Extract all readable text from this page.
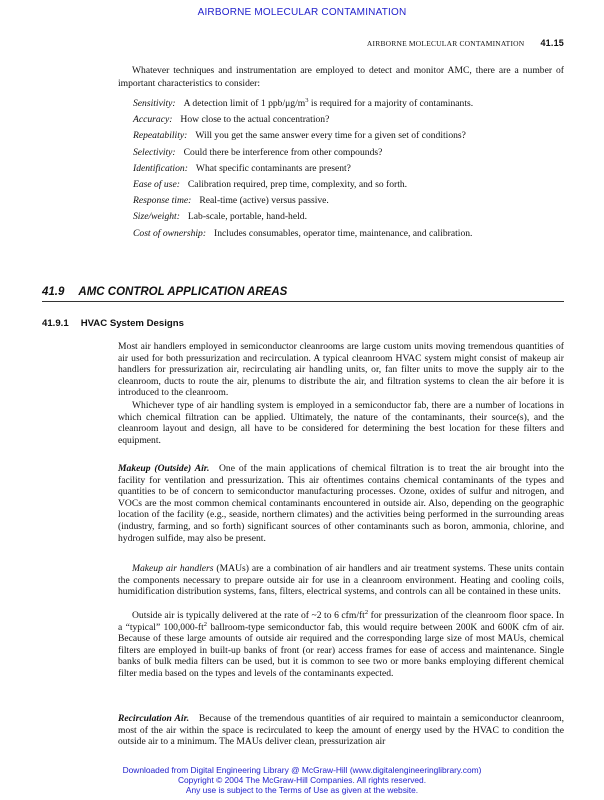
AIRBORNE MOLECULAR CONTAMINATION
AIRBORNE MOLECULAR CONTAMINATION 41.15

Whatever techniques and instrumentation are employed to detect and monitor AMC, there are a number of important characteristics to consider:

Sensitivity: A detection limit of 1 ppb/$\mu g/m^3$ is required for a majority of contaminants.
Accuracy: How close to the actual concentration?
Repeatability: Will you get the same answer every time for a given set of conditions?
Selectivity: Could there be interference from other compounds?
Identification: What specific contaminants are present?
Ease of use: Calibration required, prep time, complexity, and so forth.
Response time: Real-time (active) versus passive.
Size/weight: Lab-scale, portable, hand-held.
Cost of ownership: Includes consumables, operator time, maintenance, and calibration.
41.9 AMC CONTROL APPLICATION AREAS
41.9.1 HVAC System Designs

Most air handlers employed in semiconductor cleanrooms are large custom units moving tremendous quantities of air used for both pressurization and recirculation. A typical cleanroom HVAC system might consist of makeup air handlers for pressurization air, recirculating air handling units, or, fan filter units to move the supply air to the cleanroom, ducts to route the air, plenums to distribute the air, and filtration systems to clean the air before it is introduced to the cleanroom.

Whichever type of air handling system is employed in a semiconductor fab, there are a number of locations in which chemical filtration can be applied. Ultimately, the nature of the contaminants, their source(s), and the cleanroom layout and design, all have to be considered for determining the best location for these filters and equipment.

Makeup (Outside) Air.  One of the main applications of chemical filtration is to treat the air brought into the facility for ventilation and pressurization. This air oftentimes contains chemical contaminants of the types and quantities to be of concern to semiconductor manufacturing processes. Ozone, oxides of sulfur and nitrogen, and VOCs are the most common chemical contaminants encountered in outside air. Also, depending on the geographic location of the facility (e.g., seaside, northern climates) and the activities being performed in the surrounding areas (industry, farming, and so forth) significant sources of other contaminants such as boron, ammonia, chlorine, and hydrogen sulfide, may also be present.

Makeup air handlers (MAUs) are a combination of air handlers and air treatment systems. These units contain the components necessary to prepare outside air for use in a cleanroom environment. Heating and cooling coils, humidification distribution systems, fans, filters, electrical systems, and controls can all be contained in these units.

Outside air is typically delivered at the rate of ~2 to 6 cfm/$ft^2$ for pressurization of the cleanroom floor space. In a “typical” $100,000-ft^2$ ballroom-type semiconductor fab, this would require between 200K and 600K cfm of air. Because of these large amounts of outside air required and the corresponding large size of most MAUs, chemical filters are employed in built-up banks of front (or rear) access frames for ease of access and maintenance. Single banks of bulk media filters can be used, but it is common to see two or more banks employing different chemical filter media based on the types and levels of the contaminants expected.

Recirculation Air.  Because of the tremendous quantities of air required to maintain a semiconductor cleanroom, most of the air within the space is recirculated to keep the amount of energy used by the HVAC to condition the outside air to a minimum. The MAUs deliver clean, pressurization air

Downloaded from Digital Engineering Library @ McGraw-Hill (www.digitalengineeringlibrary.com)
Copyright © 2004 The McGraw-Hill Companies. All rights reserved.
Any use is subject to the Terms of Use as given at the website.
